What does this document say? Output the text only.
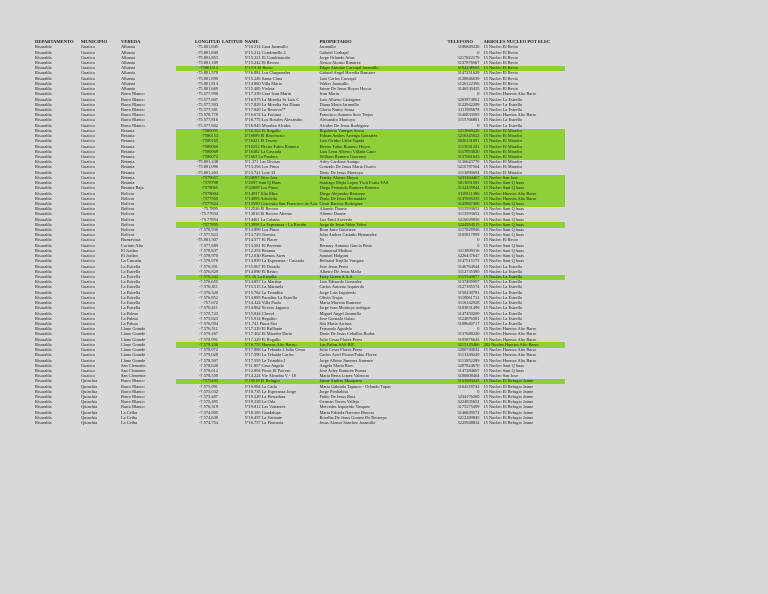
DEPARTAMENTO	MUNICIPIO	VEREDA	LONGITUD	LATITUD	NAME	PROPIETARIO	TELEFONO	ARBOLES NUCLEO POT ELEC
Risaralda	Guatica	Albania	-75.801,845		5°16.514 Casa Jaramillo	Jaramillo	3186849226	15 Nucleo El Recio
Risaralda	Guatica	Albania	-75.801,849		5°15.212 Combinello 2	Gabriel Carbajal	0	15 Nucleo El Recio
Risaralda	Guatica	Albania	-75.801,853		5°15.221 El Combinación	Jorge Orlando Arias	3217822179	15 Nucleo El Recio
Risaralda	Guatica	Albania	-75.801,169		5°15.242 El Recreo	Nestor Alonso Ramirez	3137876567	15 Nucleo El Recio
Risaralda	Guatica	Albania	-75801513		5°15.9 El Recio	Edgar Antonio Carvajal Jaramillo	3184238695	15 Nucleo El Recio
Risaralda	Guatica	Albania	-75.801,578		5°16.881 Los Chaparrales	Gabriel Angel Heredia Ramirez	3147251629	15 Nucleo El Recio
Risaralda	Guatica	Albania	-75.801,899		5°15.246 Santa Clara	Luis Carlos Carvajal	3128846039	15 Nucleo El Recio
Risaralda	Guatica	Albania	-75.801,813		5°14.860 Villa Maria	Walter Jaramillo	3126122396	15 Nucleo El Recio
Risaralda	Guatica	Albania	-75.801,669		5°15.485 Violeta	Jaime De Jesus Hoyos Hoyos	3146530435	15 Nucleo El Recio
Risaralda	Guatica	Barro Blanco	-75.577,998		5°17.339 Casa Ivan Marin	Ivan Marin	0	15 Nucleo Huertos Alto Barro
Risaralda	Guatica	Barro Blanco	-75.577,607		5°16.975 La Morelia Sr Luis C	Luis Alberto Cartagena	3203874062	15 Nucleo La Estrella
Risaralda	Guatica	Barro Blanco	-75.577,593		5°17.829 La Morelia Sra Diana	Diana Maria Jaramillo	3122942289	15 Nucleo La Estrella
Risaralda	Guatica	Barro Blanco	-75.577,581		5°17.849 La Reserva**	Gloria Nancy Sossa	3111985678	15 Nucleo La Estrella
Risaralda	Guatica	Barro Blanco	-75.578,778		5°16.674 La Fortuna	Francisco Antonio Soto Trejos	3146833585	15 Nucleo Huertos Alto Barro
Risaralda	Guatica	Barro Blanco	-75.577,816		5°16.775 Los Rosales Alexandro	Alexandro Montoya	3115766801	15 Nucleo La Estrella
Risaralda	Guatica	Barro Blanco	-75.577,602		5°16.945 Morabia Alcides	Alcides De Jesus Rodriguez	0	15 Nucleo La Estrella
Risaralda	Guatica	Betania	-7580095		5°16.563 El Rogallo	Rigoberto Vanegas Sossa	3213669429	15 Nucleo El Mirador
Risaralda	Guatica	Betania	-7580153		5°16089 El Rincencito	Fabian Andres Arteaga Gonzalez	3216345022	15 Nucleo El Mirador
Risaralda	Guatica	Betania	-7580165		5°16421 El Tesoro	Luis Ovidio Uribe Tajada	3026141091	15 Nucleo El Mirador
Risaralda	Guatica	Betania	-7580066		5°16252 Hector Fabio Romero	Hector Fabio Romero Hoyos	3113031341	15 Nucleo El Mirador
Risaralda	Guatica	Betania	-7580069		5°16382 La Cascada	Luis Leon Alberto Villada Cano	3117853820	15 Nucleo El Mirador
Risaralda	Guatica	Betania	-7580072		5°1663 La Pradera	William Romero Guerrero	3137661643	15 Nucleo El Mirador
Risaralda	Guatica	Betania	-75.801,238		5°1.371 Las Divisas	Arley Cardona Arango	3136623770	15 Nucleo El Mirador
Risaralda	Guatica	Betania	-75.801,096		5°13.394 Los Pinos	Conrado De Jesus Maria Osorio	3216787564	15 Nucleo El Mirador
Risaralda	Guatica	Betania	-75.801,203		5°13.721 Lote 33	Dario De Jesus Montoya	3113890694	15 Nucleo El Mirador
Risaralda	Guatica	Betania	-7579657		5°24097 Sitio Joss	Franky Alonzo Hoyos	3233264467	15 Nucleo San Jose
Risaralda	Guatica	Betania	-7578798		5°2097 Sant Q Huas	Santiago Mejia Lopez Yioli Fruits SAS	3013051581	15 Nucleo Sant Q huas
Risaralda	Guatica	Betania Baja	-7578065		5°22008 Los Pinos	Diego Fernando Ramirez Romero	3122435944	15 Nucleo Sant Q huas
Risaralda	Guatica	Bolivar	-7578004		5°14937 Alta Mira	Diego Alejandro Restrepo	3128111386	15 Nucleo Huertos Alto Barro
Risaralda	Guatica	Bolivar	-7577565		5°14095 Arboleda	Dario De Jesus Hernandez	3147695235	15 Nucleo Huertos Alto Barro
Risaralda	Guatica	Bolivar	-7577824		5°13590 Corcosito San Francisco de Asis	Cesar Barrios Rodriguez	3145867490	15 Nucleo Sant Q huas
Risaralda	Guatica	Bolivar	-75.7895		5°12526 El Recreo	Aliando Duarte	3113593652	15 Nucleo Sant Q huas
Risaralda	Guatica	Bolivar	-75.77654		5°13816 El Recreo Aliento	Aliento Duarte	3113593652	15 Nucleo Sant Q huas
Risaralda	Guatica	Bolivar	-75.77854		5°14401 La Cabaña	Luz Enid Acevedo	3216029850	15 Nucleo Sant Q huas
Risaralda	Guatica	Bolivar	-7577895		5°13998 La Esperanza - La Recién	Jorge de Jesus Velez Velez	3224954515	15 Nucleo Sant Q huas
Risaralda	Guatica	Bolivar	-7.578,936		5°14.899 Los Pinos	Born Jairo Gutierrez	3117828946	15 Nucleo Sant Q huas
Risaralda	Guatica	Bolivar	-7.577,823		5°13.729 Teresita	John Andres Castaño Hernandez	3105817899	15 Nucleo Sant Q huas
Risaralda	Guatica	Buenavista	-75.801,507		5°14.577 El Placer	Ni	0	15 Nucleo El Recio
Risaralda	Guatica	Corinto Alto	-7.577,689		5°13.581 El Porvenir	Bernary Antonio Garcia Pinto	0	15 Nucleo Sant Q huas
Risaralda	Guatica	El Jordan	-7.578,837		5°12.253 Betania	Guimarad Medina	3113809316	15 Nucleo Sant Q huas
Risaralda	Guatica	El Jordan	-7.578,970		5°12.030 Buenos Aires	Samuel Holguin	3226437647	15 Nucleo Sant Q huas
Risaralda	Guatica	La Cascada	-7.578,978		5°13.859 La Esperanza - Cascada	Belisaid Trujillo Vasquez	3147515175	15 Nucleo Sant Q huas
Risaralda	Guatica	La Estrella	-7.576,591		5°15.067 El Dorado	Jose Jesus Perez	3146764944	15 Nucleo La Estrella
Risaralda	Guatica	La Estrella	-7.576,829		5°14.090 El Retiro	Albeiro De Jesus Mafla	3112735390	15 Nucleo La Estrella
Risaralda	Guatica	La Estrella	-7.576,542		5°1.16 La Estrella	Fruty Green S.A.S.	3115540877	15 Nucleo La Estrella
Risaralda	Guatica	La Estrella	-7.576,655		5°14.857 La Martina	Luis Edisardo Gonzalez	3137495907	15 Nucleo La Estrella
Risaralda	Guatica	La Estrella	-7.576,811		5°15.515 La Mariuela	Carlos Antonio Izquierdo	3127185574	15 Nucleo La Estrella
Risaralda	Guatica	La Estrella	-7.576,320		5°15.762 La Trinidita	Jorge Luis Izquierdo	3150230781	15 Nucleo La Estrella
Risaralda	Guatica	La Estrella	-7.576,852		5°14.885 Paradise La Estrella	Olivio Trujas	3118061712	15 Nucleo La Estrella
Risaralda	Guatica	La Estrella	-757.672		5°14.424 Villa Paola	Maria Moreno Ramirez	3116142928	15 Nucleo La Estrella
Risaralda	Guatica	La Estrella	-7.576,611		5°14.862 Yovero Jaguero	Jorge ivan Montoya rodrigue	3103831496	15 Nucleo La Estrella
Risaralda	Guatica	La Palma	-7.575,723		5°15.824 Chevel	Miguel Angel Jaramillo	3147450209	15 Nucleo La Estrella
Risaralda	Guatica	La Palma	-7.575,823		5°15.914 Regalito	Jose Gonzalo Galan	3122876381	15 Nucleo La Estrella
Risaralda	Guatica	La Palma	-7.576,094		5°1.741 Finca Sisi	Sisi Maria Arriasa	3108640717	15 Nucleo La Estrella
Risaralda	Guatica	Llano Grande	-7.576,511		5°17.229 El Brillante	Fernando Agudelo	0	15 Nucleo Huertos Alto Barro
Risaralda	Guatica	Llano Grande	-7.579,267		5°17.462 El Mirador Dario	Dario De Jesus Ceballos Rodas	3137688220	15 Nucleo Huertos Alto Barro
Risaralda	Guatica	Llano Grande	-7.578,991		5°17.229 El Rogallo	Julio Cesar Florez Perez	3195876643	15 Nucleo Huertos Alto Barro
Risaralda	Guatica	Llano Grande	-7.579,206		5°16.755 Huertos Alto Barrio	Las Palias SAS BIC	3215129466	282 Nucleo Huertos Alto Barro
Risaralda	Guatica	Llano Grande	-7.578,972		5°17.888 La Tebaida 2 Julio Cesar	Julio Cesar Florez Perez	3206740842	15 Nucleo Huertos Alto Barro
Risaralda	Guatica	Llano Grande	-7.579,028		5°17.590 La Tebaida Carlos	Carlos Ariel Florez/Fabio Florez	3113349249	15 Nucleo Huertos Alto Barro
Risaralda	Guatica	Llano Grande	-7.578,507		5°17.595 La Trinidita 1	Jorge Albino Jimenez Jimenez	3113852299	15 Nucleo Huertos Alto Barro
Risaralda	Guatica	San Clemente	-7.578,620		5°11.857 Casa Angela	Angela Maria Rios	3207824670	15 Nucleo Sant Q huas
Risaralda	Guatica	San Clemente	-7.578,612		5°12.094 Finca El Potrero	Jose Arley Ramirez Puerta	3147284667	15 Nucleo Sant Q huas
Risaralda	Guatica	San Clemente	-7.578,550		5°14.224 Vie Aleariba V - 18	Maria Berta Lopez Valencia	3106808464	15 Nucleo San Jose
Risaralda	Quinchia	Barro Blanco	-7575493		5°19518 El Refugio	Jaime Andres Mosquera	3163983425	15 Nucleo El Refugio Jaime
Risaralda	Quinchia	Barro Blanco	-7.575,091		5°19.984 La Carla	Maria Gabriela Tapasco - Orlando Tapas	3164218742	15 Nucleo El Refugio Jaime
Risaralda	Quinchia	Barro Blanco	-7.575,032		5°19.735 La Esperanza Jorge	Jorge Piedrahita	0	15 Nucleo El Refugio Jaime
Risaralda	Quinchia	Barro Blanco	-7.575,407		5°19.229 La Herradura	Fabio De Jesus Ruiz	3234176260	15 Nucleo El Refugio Jaime
Risaralda	Quinchia	Barro Blanco	-7.575,495		5°19.228 La Orla	German Torres Vallejo	3224835652	15 Nucleo El Refugio Jaime
Risaralda	Quinchia	Barro Blanco	-7.576,319		5°19.812 Las Variantes	Mercedes Izquierdo Vasquez	3175275499	15 Nucleo El Refugio Jaime
Risaralda	Quinchia	La Ceiba	-7.574,805		5°18.185 Guadalupe	Maria Fabiola Narvaez Rincon	3146849572	15 Nucleo El Refugio Jaime
Risaralda	Quinchia	La Ceiba	-7.574,639		5°16.457 La Variante	Rosalba De Jesus Gomez De Restrepo	3212269845	15 Nucleo El Refugio Jaime
Risaralda	Quinchia	La Ceiba	-7.574,754		5°16.757 La Piomeria	Jesus Alonso Sanchez Jaramillo	3225948832	15 Nucleo El Refugio Jaime
